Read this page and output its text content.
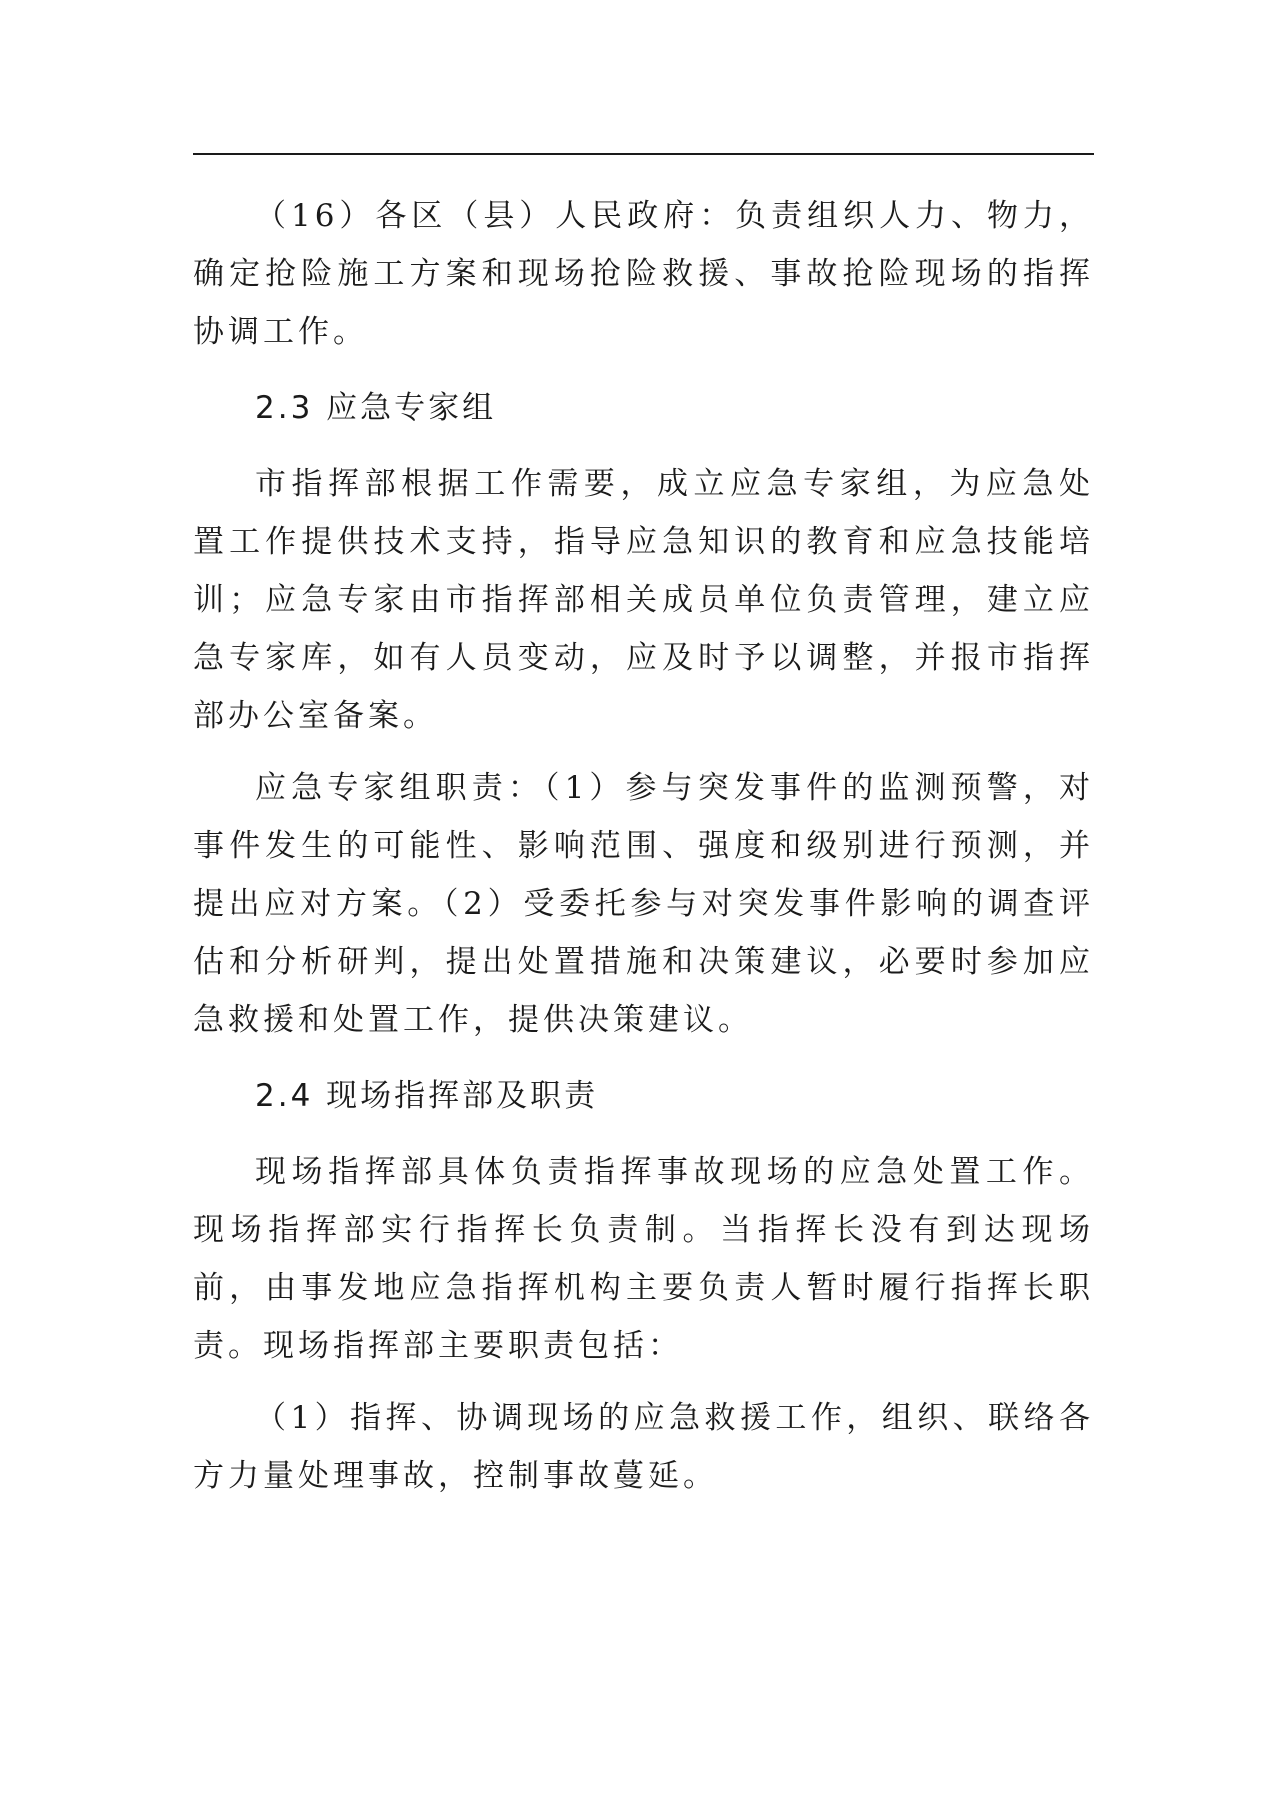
（16）各区（县）人民政府：负责组织人力、物力，确定抢险施工方案和现场抢险救援、事故抢险现场的指挥协调工作。

2.3 应急专家组

市指挥部根据工作需要，成立应急专家组，为应急处置工作提供技术支持，指导应急知识的教育和应急技能培训；应急专家由市指挥部相关成员单位负责管理，建立应急专家库，如有人员变动，应及时予以调整，并报市指挥部办公室备案。

应急专家组职责：（1）参与突发事件的监测预警，对事件发生的可能性、影响范围、强度和级别进行预测，并提出应对方案。（2）受委托参与对突发事件影响的调查评估和分析研判，提出处置措施和决策建议，必要时参加应急救援和处置工作，提供决策建议。

2.4 现场指挥部及职责

现场指挥部具体负责指挥事故现场的应急处置工作。现场指挥部实行指挥长负责制。当指挥长没有到达现场前，由事发地应急指挥机构主要负责人暂时履行指挥长职责。现场指挥部主要职责包括：

（1）指挥、协调现场的应急救援工作，组织、联络各方力量处理事故，控制事故蔓延。
